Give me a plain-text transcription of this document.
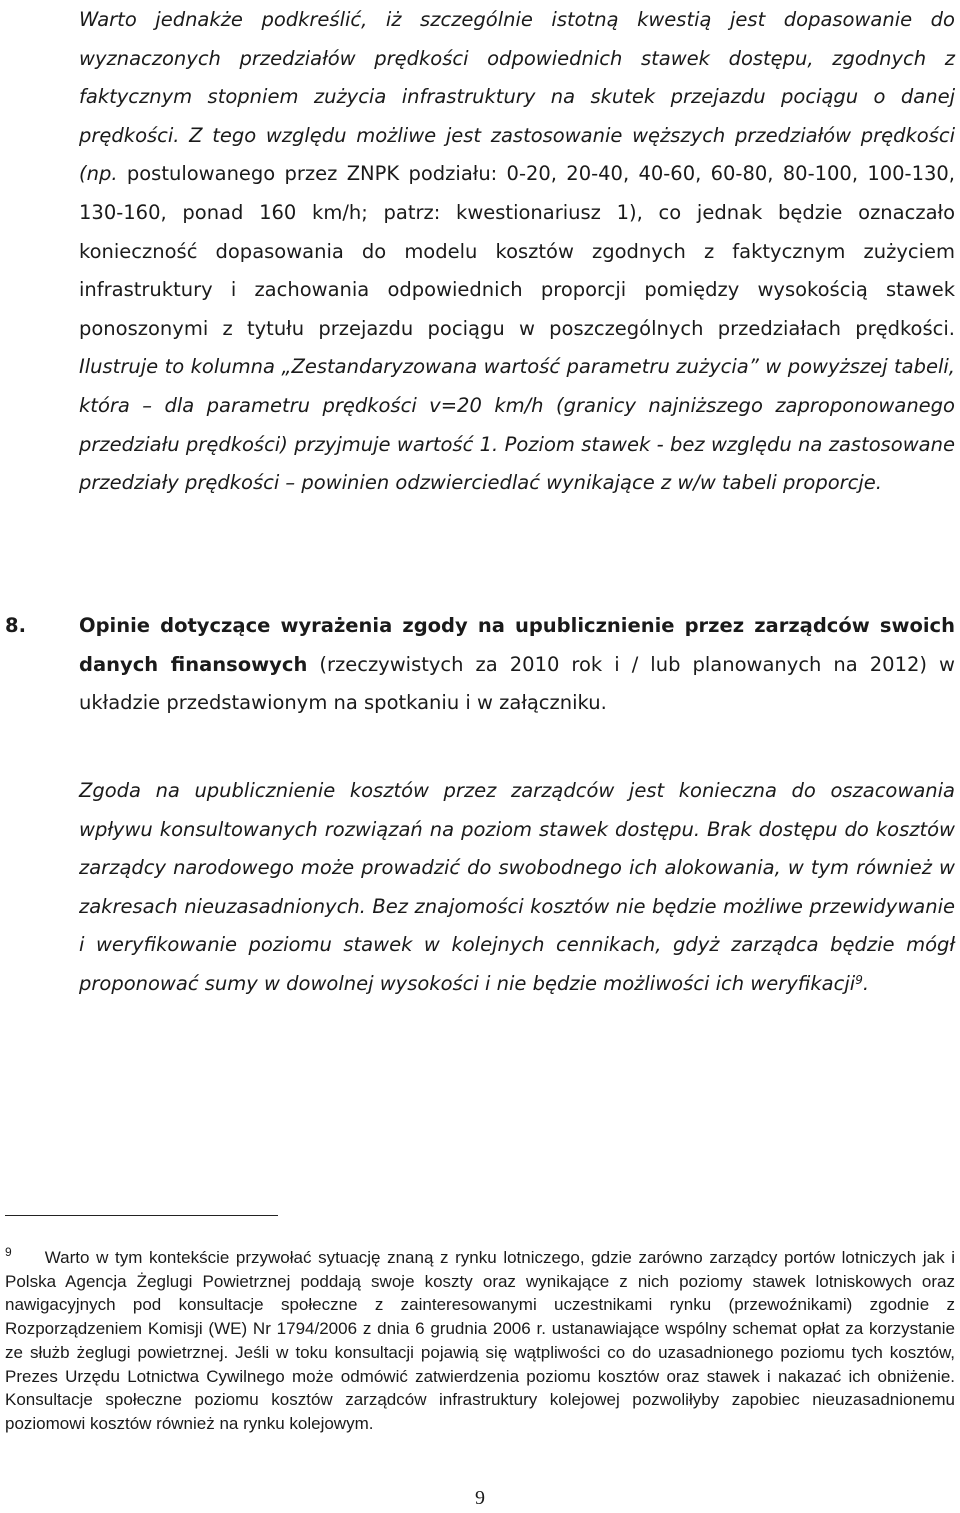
Warto jednakże podkreślić, iż szczególnie istotną kwestią jest dopasowanie do wyznaczonych przedziałów prędkości odpowiednich stawek dostępu, zgodnych z faktycznym stopniem zużycia infrastruktury na skutek przejazdu pociągu o danej prędkości. Z tego względu możliwe jest zastosowanie węższych przedziałów prędkości (np. postulowanego przez ZNPK podziału: 0-20, 20-40, 40-60, 60-80, 80-100, 100-130, 130-160, ponad 160 km/h; patrz: kwestionariusz 1), co jednak będzie oznaczało konieczność dopasowania do modelu kosztów zgodnych z faktycznym zużyciem infrastruktury i zachowania odpowiednich proporcji pomiędzy wysokością stawek ponoszonymi z tytułu przejazdu pociągu w poszczególnych przedziałach prędkości. Ilustruje to kolumna „Zestandaryzowana wartość parametru zużycia” w powyższej tabeli, która – dla parametru prędkości v=20 km/h (granicy najniższego zaproponowanego przedziału prędkości) przyjmuje wartość 1. Poziom stawek - bez względu na zastosowane przedziały prędkości – powinien odzwierciedlać wynikające z w/w tabeli proporcje.
8.	Opinie dotyczące wyrażenia zgody na upublicznienie przez zarządców swoich danych finansowych (rzeczywistych za 2010 rok i / lub planowanych na 2012) w układzie przedstawionym na spotkaniu i w załączniku.
Zgoda na upublicznienie kosztów przez zarządców jest konieczna do oszacowania wpływu konsultowanych rozwiązań na poziom stawek dostępu. Brak dostępu do kosztów zarządcy narodowego może prowadzić do swobodnego ich alokowania, w tym również w zakresach nieuzasadnionych. Bez znajomości kosztów nie będzie możliwe przewidywanie i weryfikowanie poziomu stawek w kolejnych cennikach, gdyż zarządca będzie mógł proponować sumy w dowolnej wysokości i nie będzie możliwości ich weryfikacji$^9$.
$^9$ Warto w tym kontekście przywołać sytuację znaną z rynku lotniczego, gdzie zarówno zarządcy portów lotniczych jak i Polska Agencja Żeglugi Powietrznej poddają swoje koszty oraz wynikające z nich poziomy stawek lotniskowych oraz nawigacyjnych pod konsultacje społeczne z zainteresowanymi uczestnikami rynku (przewoźnikami) zgodnie z Rozporządzeniem Komisji (WE) Nr 1794/2006 z dnia 6 grudnia 2006 r. ustanawiające wspólny schemat opłat za korzystanie ze służb żeglugi powietrznej. Jeśli w toku konsultacji pojawią się wątpliwości co do uzasadnionego poziomu tych kosztów, Prezes Urzędu Lotnictwa Cywilnego może odmówić zatwierdzenia poziomu kosztów oraz stawek i nakazać ich obniżenie. Konsultacje społeczne poziomu kosztów zarządców infrastruktury kolejowej pozwoliłyby zapobiec nieuzasadnionemu poziomowi kosztów również na rynku kolejowym.
9
